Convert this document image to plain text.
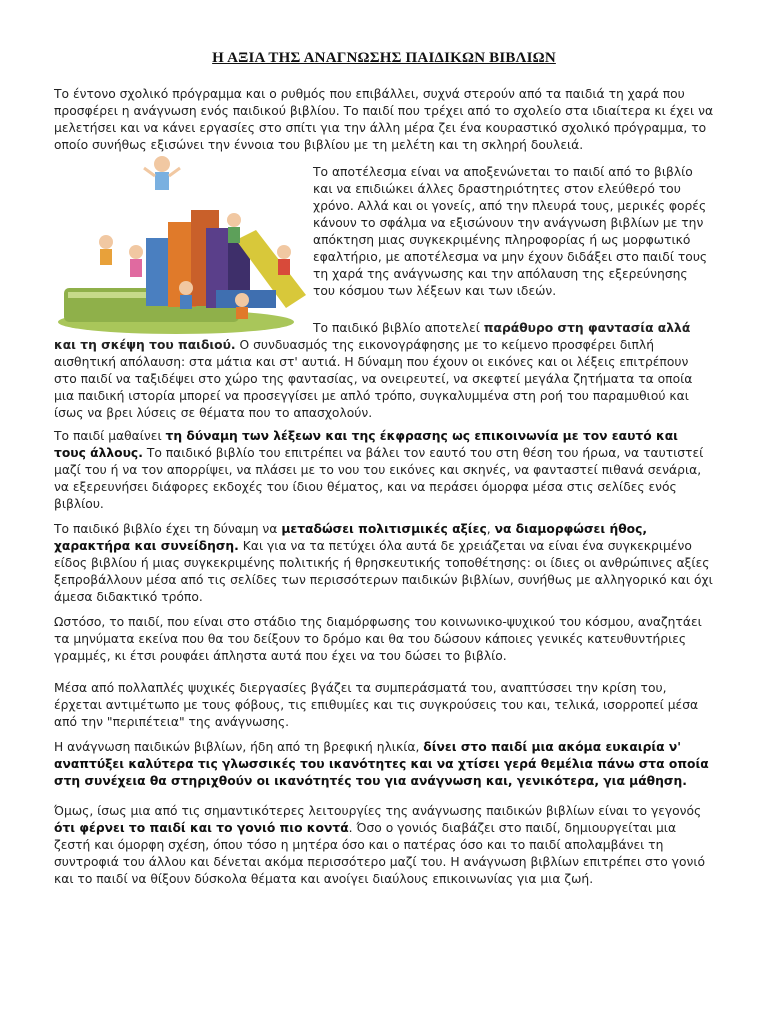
Η ΑΞΙΑ ΤΗΣ ΑΝΑΓΝΩΣΗΣ ΠΑΙΔΙΚΩΝ ΒΙΒΛΙΩΝ

Το έντονο σχολικό πρόγραμμα και ο ρυθμός που επιβάλλει, συχνά στερούν από τα παιδιά τη χαρά που προσφέρει η ανάγνωση ενός παιδικού βιβλίου. Το παιδί που τρέχει από το σχολείο στα ιδιαίτερα κι έχει να μελετήσει και να κάνει εργασίες στο σπίτι για την άλλη μέρα ζει ένα κουραστικό σχολικό πρόγραμμα, το οποίο συνήθως εξισώνει την έννοια του βιβλίου με τη μελέτη και τη σκληρή δουλειά.

Το αποτέλεσμα είναι να αποξενώνεται το παιδί από το βιβλίο και να επιδιώκει άλλες δραστηριότητες στον ελεύθερό του χρόνο. Αλλά και οι γονείς, από την πλευρά τους, μερικές φορές κάνουν το σφάλμα να εξισώνουν την ανάγνωση βιβλίων με την απόκτηση μιας συγκεκριμένης πληροφορίας ή ως μορφωτικό εφαλτήριο, με αποτέλεσμα να μην έχουν διδάξει στο παιδί τους τη χαρά της ανάγνωσης και την απόλαυση της εξερεύνησης του κόσμου των λέξεων και των ιδεών.

Το παιδικό βιβλίο αποτελεί παράθυρο στη φαντασία αλλά και τη σκέψη του παιδιού. Ο συνδυασμός της εικονογράφησης με το κείμενο προσφέρει διπλή αισθητική απόλαυση: στα μάτια και στ' αυτιά. Η δύναμη που έχουν οι εικόνες και οι λέξεις επιτρέπουν στο παιδί να ταξιδέψει στο χώρο της φαντασίας, να ονειρευτεί, να σκεφτεί μεγάλα ζητήματα τα οποία μια παιδική ιστορία μπορεί να προσεγγίσει με απλό τρόπο, συγκαλυμμένα στη ροή του παραμυθιού και ίσως να βρει λύσεις σε θέματα που το απασχολούν.

Το παιδί μαθαίνει τη δύναμη των λέξεων και της έκφρασης ως επικοινωνία με τον εαυτό και τους άλλους. Το παιδικό βιβλίο του επιτρέπει να βάλει τον εαυτό του στη θέση του ήρωα, να ταυτιστεί μαζί του ή να τον απορρίψει, να πλάσει με το νου του εικόνες και σκηνές, να φανταστεί πιθανά σενάρια, να εξερευνήσει διάφορες εκδοχές του ίδιου θέματος, και να περάσει όμορφα μέσα στις σελίδες ενός βιβλίου.

Το παιδικό βιβλίο έχει τη δύναμη να μεταδώσει πολιτισμικές αξίες, να διαμορφώσει ήθος, χαρακτήρα και συνείδηση. Και για να τα πετύχει όλα αυτά δε χρειάζεται να είναι ένα συγκεκριμένο είδος βιβλίου ή μιας συγκεκριμένης πολιτικής ή θρησκευτικής τοποθέτησης: οι ίδιες οι ανθρώπινες αξίες ξεπροβάλλουν μέσα από τις σελίδες των περισσότερων παιδικών βιβλίων, συνήθως με αλληγορικό και όχι άμεσα διδακτικό τρόπο.

Ωστόσο, το παιδί, που είναι στο στάδιο της διαμόρφωσης του κοινωνικο-ψυχικού του κόσμου, αναζητάει τα μηνύματα εκείνα που θα του δείξουν το δρόμο και θα του δώσουν κάποιες γενικές κατευθυντήριες γραμμές, κι έτσι ρουφάει άπληστα αυτά που έχει να του δώσει το βιβλίο.

Μέσα από πολλαπλές ψυχικές διεργασίες βγάζει τα συμπεράσματά του, αναπτύσσει την κρίση του, έρχεται αντιμέτωπο με τους φόβους, τις επιθυμίες και τις συγκρούσεις του και, τελικά, ισορροπεί μέσα από την "περιπέτεια" της ανάγνωσης.

Η ανάγνωση παιδικών βιβλίων, ήδη από τη βρεφική ηλικία, δίνει στο παιδί μια ακόμα ευκαιρία ν' αναπτύξει καλύτερα τις γλωσσικές του ικανότητες και να χτίσει γερά θεμέλια πάνω στα οποία στη συνέχεια θα στηριχθούν οι ικανότητές του για ανάγνωση και, γενικότερα, για μάθηση.

Όμως, ίσως μια από τις σημαντικότερες λειτουργίες της ανάγνωσης παιδικών βιβλίων είναι το γεγονός ότι φέρνει το παιδί και το γονιό πιο κοντά. Όσο ο γονιός διαβάζει στο παιδί, δημιουργείται μια ζεστή και όμορφη σχέση, όπου τόσο η μητέρα όσο και ο πατέρας όσο και το παιδί απολαμβάνει τη συντροφιά του άλλου και δένεται ακόμα περισσότερο μαζί του. Η ανάγνωση βιβλίων επιτρέπει στο γονιό και το παιδί να θίξουν δύσκολα θέματα και ανοίγει διαύλους επικοινωνίας για μια ζωή.
